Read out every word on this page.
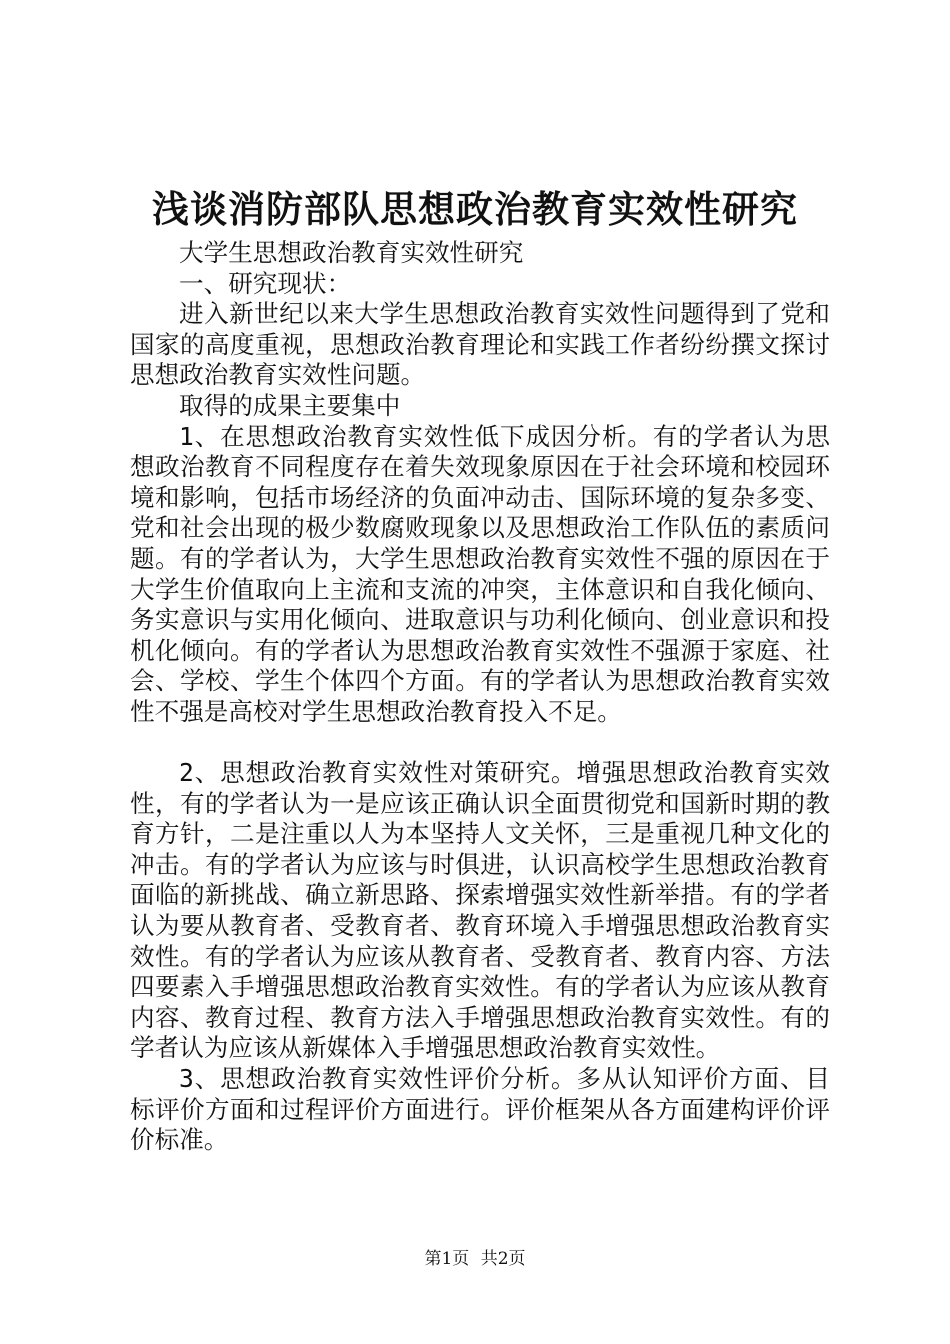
浅谈消防部队思想政治教育实效性研究

大学生思想政治教育实效性研究

一、研究现状：

进入新世纪以来大学生思想政治教育实效性问题得到了党和国家的高度重视，思想政治教育理论和实践工作者纷纷撰文探讨思想政治教育实效性问题。

取得的成果主要集中

1、在思想政治教育实效性低下成因分析。有的学者认为思想政治教育不同程度存在着失效现象原因在于社会环境和校园环境和影响，包括市场经济的负面冲动击、国际环境的复杂多变、党和社会出现的极少数腐败现象以及思想政治工作队伍的素质问题。有的学者认为，大学生思想政治教育实效性不强的原因在于大学生价值取向上主流和支流的冲突，主体意识和自我化倾向、务实意识与实用化倾向、进取意识与功利化倾向、创业意识和投机化倾向。有的学者认为思想政治教育实效性不强源于家庭、社会、学校、学生个体四个方面。有的学者认为思想政治教育实效性不强是高校对学生思想政治教育投入不足。

2、思想政治教育实效性对策研究。增强思想政治教育实效性，有的学者认为一是应该正确认识全面贯彻党和国新时期的教育方针，二是注重以人为本坚持人文关怀，三是重视几种文化的冲击。有的学者认为应该与时俱进，认识高校学生思想政治教育面临的新挑战、确立新思路、探索增强实效性新举措。有的学者认为要从教育者、受教育者、教育环境入手增强思想政治教育实效性。有的学者认为应该从教育者、受教育者、教育内容、方法四要素入手增强思想政治教育实效性。有的学者认为应该从教育内容、教育过程、教育方法入手增强思想政治教育实效性。有的学者认为应该从新媒体入手增强思想政治教育实效性。

3、思想政治教育实效性评价分析。多从认知评价方面、目标评价方面和过程评价方面进行。评价框架从各方面建构评价评价标准。

第1页 共2页
